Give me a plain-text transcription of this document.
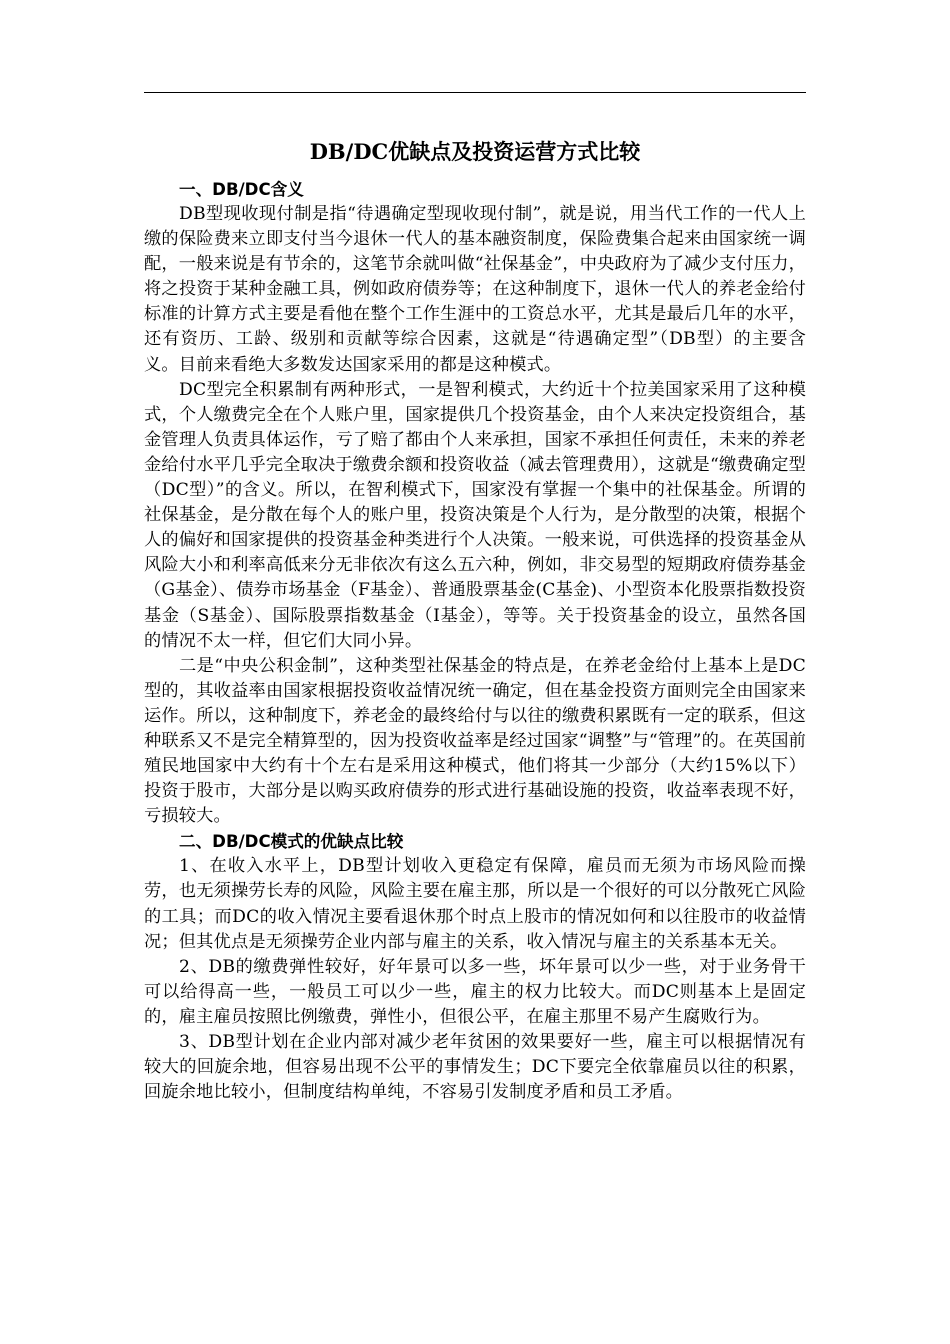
DB/DC优缺点及投资运营方式比较
一、DB/DC含义

DB型现收现付制是指“待遇确定型现收现付制”，就是说，用当代工作的一代人上缴的保险费来立即支付当今退休一代人的基本融资制度，保险费集合起来由国家统一调配，一般来说是有节余的，这笔节余就叫做“社保基金”，中央政府为了减少支付压力，将之投资于某种金融工具，例如政府债券等；在这种制度下，退休一代人的养老金给付标准的计算方式主要是看他在整个工作生涯中的工资总水平，尤其是最后几年的水平，还有资历、工龄、级别和贡献等综合因素，这就是“待遇确定型”（DB型）的主要含义。目前来看绝大多数发达国家采用的都是这种模式。

DC型完全积累制有两种形式，一是智利模式，大约近十个拉美国家采用了这种模式，个人缴费完全在个人账户里，国家提供几个投资基金，由个人来决定投资组合，基金管理人负责具体运作，亏了赔了都由个人来承担，国家不承担任何责任，未来的养老金给付水平几乎完全取决于缴费余额和投资收益（减去管理费用），这就是“缴费确定型（DC型）”的含义。所以，在智利模式下，国家没有掌握一个集中的社保基金。所谓的社保基金，是分散在每个人的账户里，投资决策是个人行为，是分散型的决策，根据个人的偏好和国家提供的投资基金种类进行个人决策。一般来说，可供选择的投资基金从风险大小和利率高低来分无非依次有这么五六种，例如，非交易型的短期政府债券基金（G基金）、债券市场基金（F基金）、普通股票基金(C基金)、小型资本化股票指数投资基金（S基金）、国际股票指数基金（I基金），等等。关于投资基金的设立，虽然各国的情况不太一样，但它们大同小异。

二是“中央公积金制”，这种类型社保基金的特点是，在养老金给付上基本上是DC型的，其收益率由国家根据投资收益情况统一确定，但在基金投资方面则完全由国家来运作。所以，这种制度下，养老金的最终给付与以往的缴费积累既有一定的联系，但这种联系又不是完全精算型的，因为投资收益率是经过国家“调整”与“管理”的。在英国前殖民地国家中大约有十个左右是采用这种模式，他们将其一少部分（大约15%以下）投资于股市，大部分是以购买政府债券的形式进行基础设施的投资，收益率表现不好，亏损较大。

二、DB/DC模式的优缺点比较

1、在收入水平上，DB型计划收入更稳定有保障，雇员而无须为市场风险而操劳，也无须操劳长寿的风险，风险主要在雇主那，所以是一个很好的可以分散死亡风险的工具；而DC的收入情况主要看退休那个时点上股市的情况如何和以往股市的收益情况；但其优点是无须操劳企业内部与雇主的关系，收入情况与雇主的关系基本无关。

2、DB的缴费弹性较好，好年景可以多一些，坏年景可以少一些，对于业务骨干可以给得高一些，一般员工可以少一些，雇主的权力比较大。而DC则基本上是固定的，雇主雇员按照比例缴费，弹性小，但很公平，在雇主那里不易产生腐败行为。

3、DB型计划在企业内部对减少老年贫困的效果要好一些，雇主可以根据情况有较大的回旋余地，但容易出现不公平的事情发生；DC下要完全依靠雇员以往的积累，回旋余地比较小，但制度结构单纯，不容易引发制度矛盾和员工矛盾。
